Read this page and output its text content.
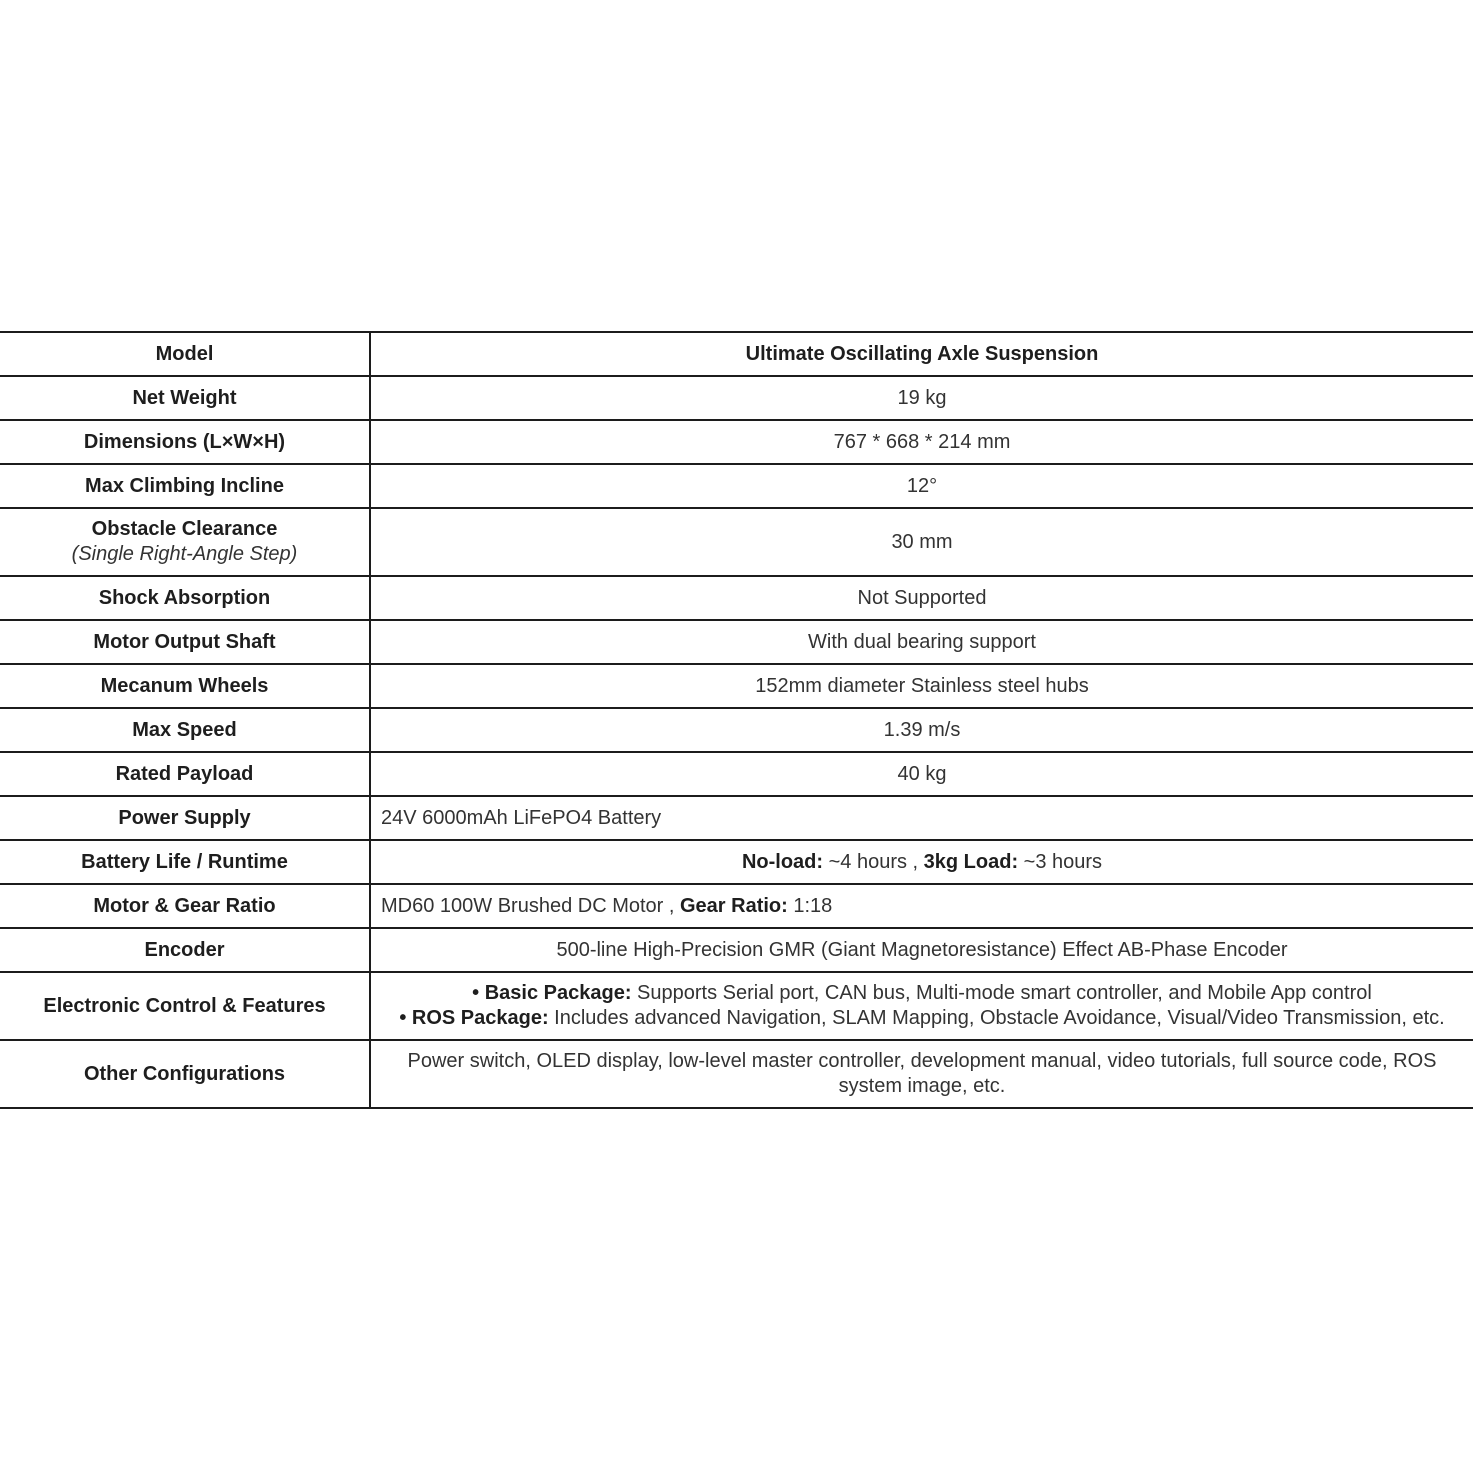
Model	Ultimate Oscillating Axle Suspension
Net Weight	19 kg
Dimensions (L×W×H)	767 * 668 * 214 mm
Max Climbing Incline	12°

Obstacle Clearance
(Single Right-Angle Step)	30 mm
Shock Absorption	Not Supported
Motor Output Shaft	With dual bearing support
Mecanum Wheels	152mm diameter Stainless steel hubs
Max Speed	1.39 m/s
Rated Payload	40 kg
Power Supply	24V 6000mAh LiFePO4 Battery
Battery Life / Runtime	No-load: ~4 hours , 3kg Load: ~3 hours
Motor & Gear Ratio	MD60 100W Brushed DC Motor , Gear Ratio: 1:18
Encoder	500-line High-Precision GMR (Giant Magnetoresistance) Effect AB-Phase Encoder
Electronic Control & Features	• Basic Package: Supports Serial port, CAN bus, Multi-mode smart controller, and Mobile App control
• ROS Package: Includes advanced Navigation, SLAM Mapping, Obstacle Avoidance, Visual/Video Transmission, etc.

Other Configurations	Power switch, OLED display, low-level master controller, development manual, video tutorials, full source code, ROS system image, etc.
